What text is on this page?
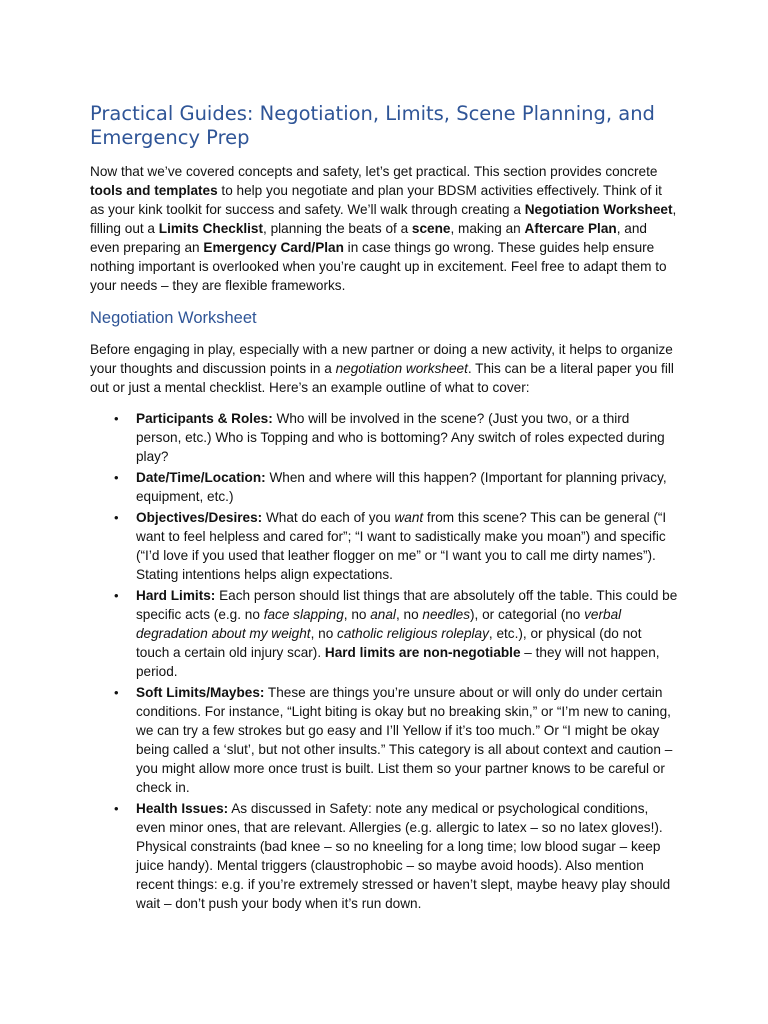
Practical Guides: Negotiation, Limits, Scene Planning, and Emergency Prep

Now that we’ve covered concepts and safety, let’s get practical. This section provides concrete tools and templates to help you negotiate and plan your BDSM activities effectively. Think of it as your kink toolkit for success and safety. We’ll walk through creating a Negotiation Worksheet, filling out a Limits Checklist, planning the beats of a scene, making an Aftercare Plan, and even preparing an Emergency Card/Plan in case things go wrong. These guides help ensure nothing important is overlooked when you’re caught up in excitement. Feel free to adapt them to your needs – they are flexible frameworks.

Negotiation Worksheet

Before engaging in play, especially with a new partner or doing a new activity, it helps to organize your thoughts and discussion points in a negotiation worksheet. This can be a literal paper you fill out or just a mental checklist. Here’s an example outline of what to cover:

• Participants & Roles: Who will be involved in the scene? (Just you two, or a third person, etc.) Who is Topping and who is bottoming? Any switch of roles expected during play?
• Date/Time/Location: When and where will this happen? (Important for planning privacy, equipment, etc.)
• Objectives/Desires: What do each of you want from this scene? This can be general (“I want to feel helpless and cared for”; “I want to sadistically make you moan”) and specific (“I’d love if you used that leather flogger on me” or “I want you to call me dirty names”). Stating intentions helps align expectations.
• Hard Limits: Each person should list things that are absolutely off the table. This could be specific acts (e.g. no face slapping, no anal, no needles), or categorial (no verbal degradation about my weight, no catholic religious roleplay, etc.), or physical (do not touch a certain old injury scar). Hard limits are non-negotiable – they will not happen, period.
• Soft Limits/Maybes: These are things you’re unsure about or will only do under certain conditions. For instance, “Light biting is okay but no breaking skin,” or “I’m new to caning, we can try a few strokes but go easy and I’ll Yellow if it’s too much.” Or “I might be okay being called a ‘slut’, but not other insults.” This category is all about context and caution – you might allow more once trust is built. List them so your partner knows to be careful or check in.
• Health Issues: As discussed in Safety: note any medical or psychological conditions, even minor ones, that are relevant. Allergies (e.g. allergic to latex – so no latex gloves!). Physical constraints (bad knee – so no kneeling for a long time; low blood sugar – keep juice handy). Mental triggers (claustrophobic – so maybe avoid hoods). Also mention recent things: e.g. if you’re extremely stressed or haven’t slept, maybe heavy play should wait – don’t push your body when it’s run down.
